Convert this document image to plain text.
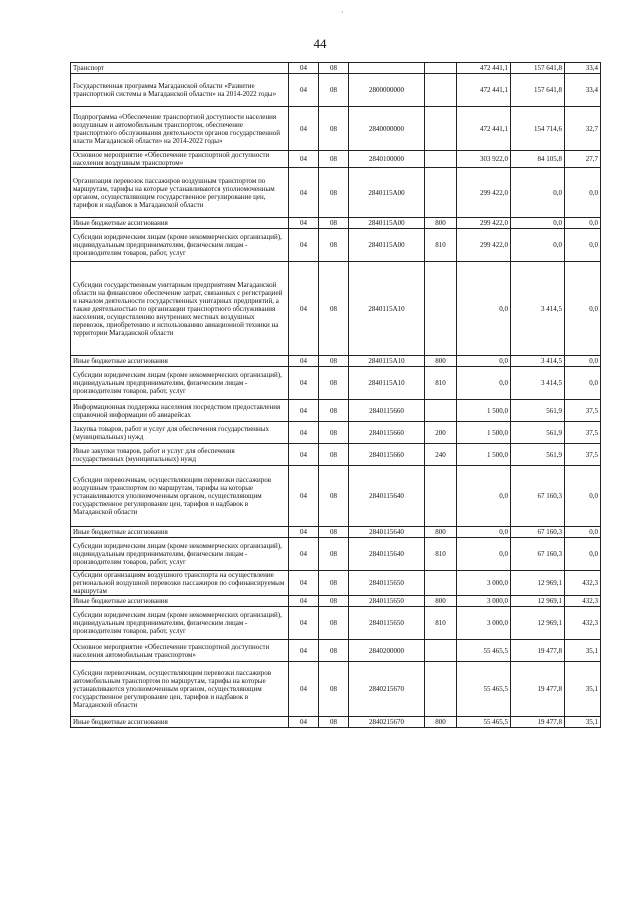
·
44
Транспорт	04	08			472 441,1	157 641,8	33,4
Государственная программа Магаданской области «Развитие транспортной системы в Магаданской области» на 2014-2022 годы»	04	08	2800000000		472 441,1	157 641,8	33,4
Подпрограмма «Обеспечение транспортной доступности населения воздушным и автомобильным транспортом, обеспечение транспортного обслуживания деятельности органов государственной власти Магаданской области» на 2014-2022 годы»	04	08	2840000000		472 441,1	154 714,6	32,7
Основное мероприятие «Обеспечение транспортной доступности населения воздушным транспортом»	04	08	2840100000		303 922,0	84 105,8	27,7
Организация перевозок пассажиров воздушным транспортом по маршрутам, тарифы на которые устанавливаются уполномоченным органом, осуществляющим государственное регулирование цен, тарифов и надбавок в Магаданской области	04	08	2840115А00		299 422,0	0,0	0,0
Иные бюджетные ассигнования	04	08	2840115А00	800	299 422,0	0,0	0,0
Субсидии юридическим лицам (кроме некоммерческих организаций), индивидуальным предпринимателям, физическим лицам - производителям товаров, работ, услуг	04	08	2840115А00	810	299 422,0	0,0	0,0
Субсидии государственным унитарным предприятиям Магаданской области на финансовое обеспечение затрат, связанных с регистрацией и началом деятельности государственных унитарных предприятий, а также деятельностью по организации транспортного обслуживания населения, осуществлению внутренних местных воздушных перевозок, приобретению и использованию авиационной техники на территории Магаданской области	04	08	2840115А10		0,0	3 414,5	0,0
Иные бюджетные ассигнования	04	08	2840115А10	800	0,0	3 414,5	0,0
Субсидии юридическим лицам (кроме некоммерческих организаций), индивидуальным предпринимателям, физическим лицам - производителям товаров, работ, услуг	04	08	2840115А10	810	0,0	3 414,5	0,0
Информационная поддержка населения посредством предоставления справочной информации об авиарейсах	04	08	2840115660		1 500,0	561,9	37,5
Закупка товаров, работ и услуг для обеспечения государственных (муниципальных) нужд	04	08	2840115660	200	1 500,0	561,9	37,5
Иные закупки товаров, работ и услуг для обеспечения государственных (муниципальных) нужд	04	08	2840115660	240	1 500,0	561,9	37,5
Субсидии перевозчикам, осуществляющим перевозки пассажиров воздушным транспортом по маршрутам, тарифы на которые устанавливаются уполномоченным органом, осуществляющим государственное регулирование цен, тарифов и надбавок в Магаданской области	04	08	2840115640		0,0	67 160,3	0,0
Иные бюджетные ассигнования	04	08	2840115640	800	0,0	67 160,3	0,0
Субсидии юридическим лицам (кроме некоммерческих организаций), индивидуальным предпринимателям, физическим лицам - производителям товаров, работ, услуг	04	08	2840115640	810	0,0	67 160,3	0,0
Субсидии организациям воздушного транспорта на осуществление региональной воздушной перевозки пассажиров по софинансируемым маршрутам	04	08	2840115650		3 000,0	12 969,1	432,3
Иные бюджетные ассигнования	04	08	2840115650	800	3 000,0	12 969,1	432,3
Субсидии юридическим лицам (кроме некоммерческих организаций), индивидуальным предпринимателям, физическим лицам - производителям товаров, работ, услуг	04	08	2840115650	810	3 000,0	12 969,1	432,3
Основное мероприятие «Обеспечение транспортной доступности населения автомобильным транспортом»	04	08	2840200000		55 465,5	19 477,8	35,1
Субсидии перевозчикам, осуществляющим перевозки пассажиров автомобильным транспортом по маршрутам, тарифы на которые устанавливаются уполномоченным органом, осуществляющим государственное регулирование цен, тарифов и надбавок в Магаданской области	04	08	2840215670		55 465,5	19 477,8	35,1
Иные бюджетные ассигнования	04	08	2840215670	800	55 465,5	19 477,8	35,1
